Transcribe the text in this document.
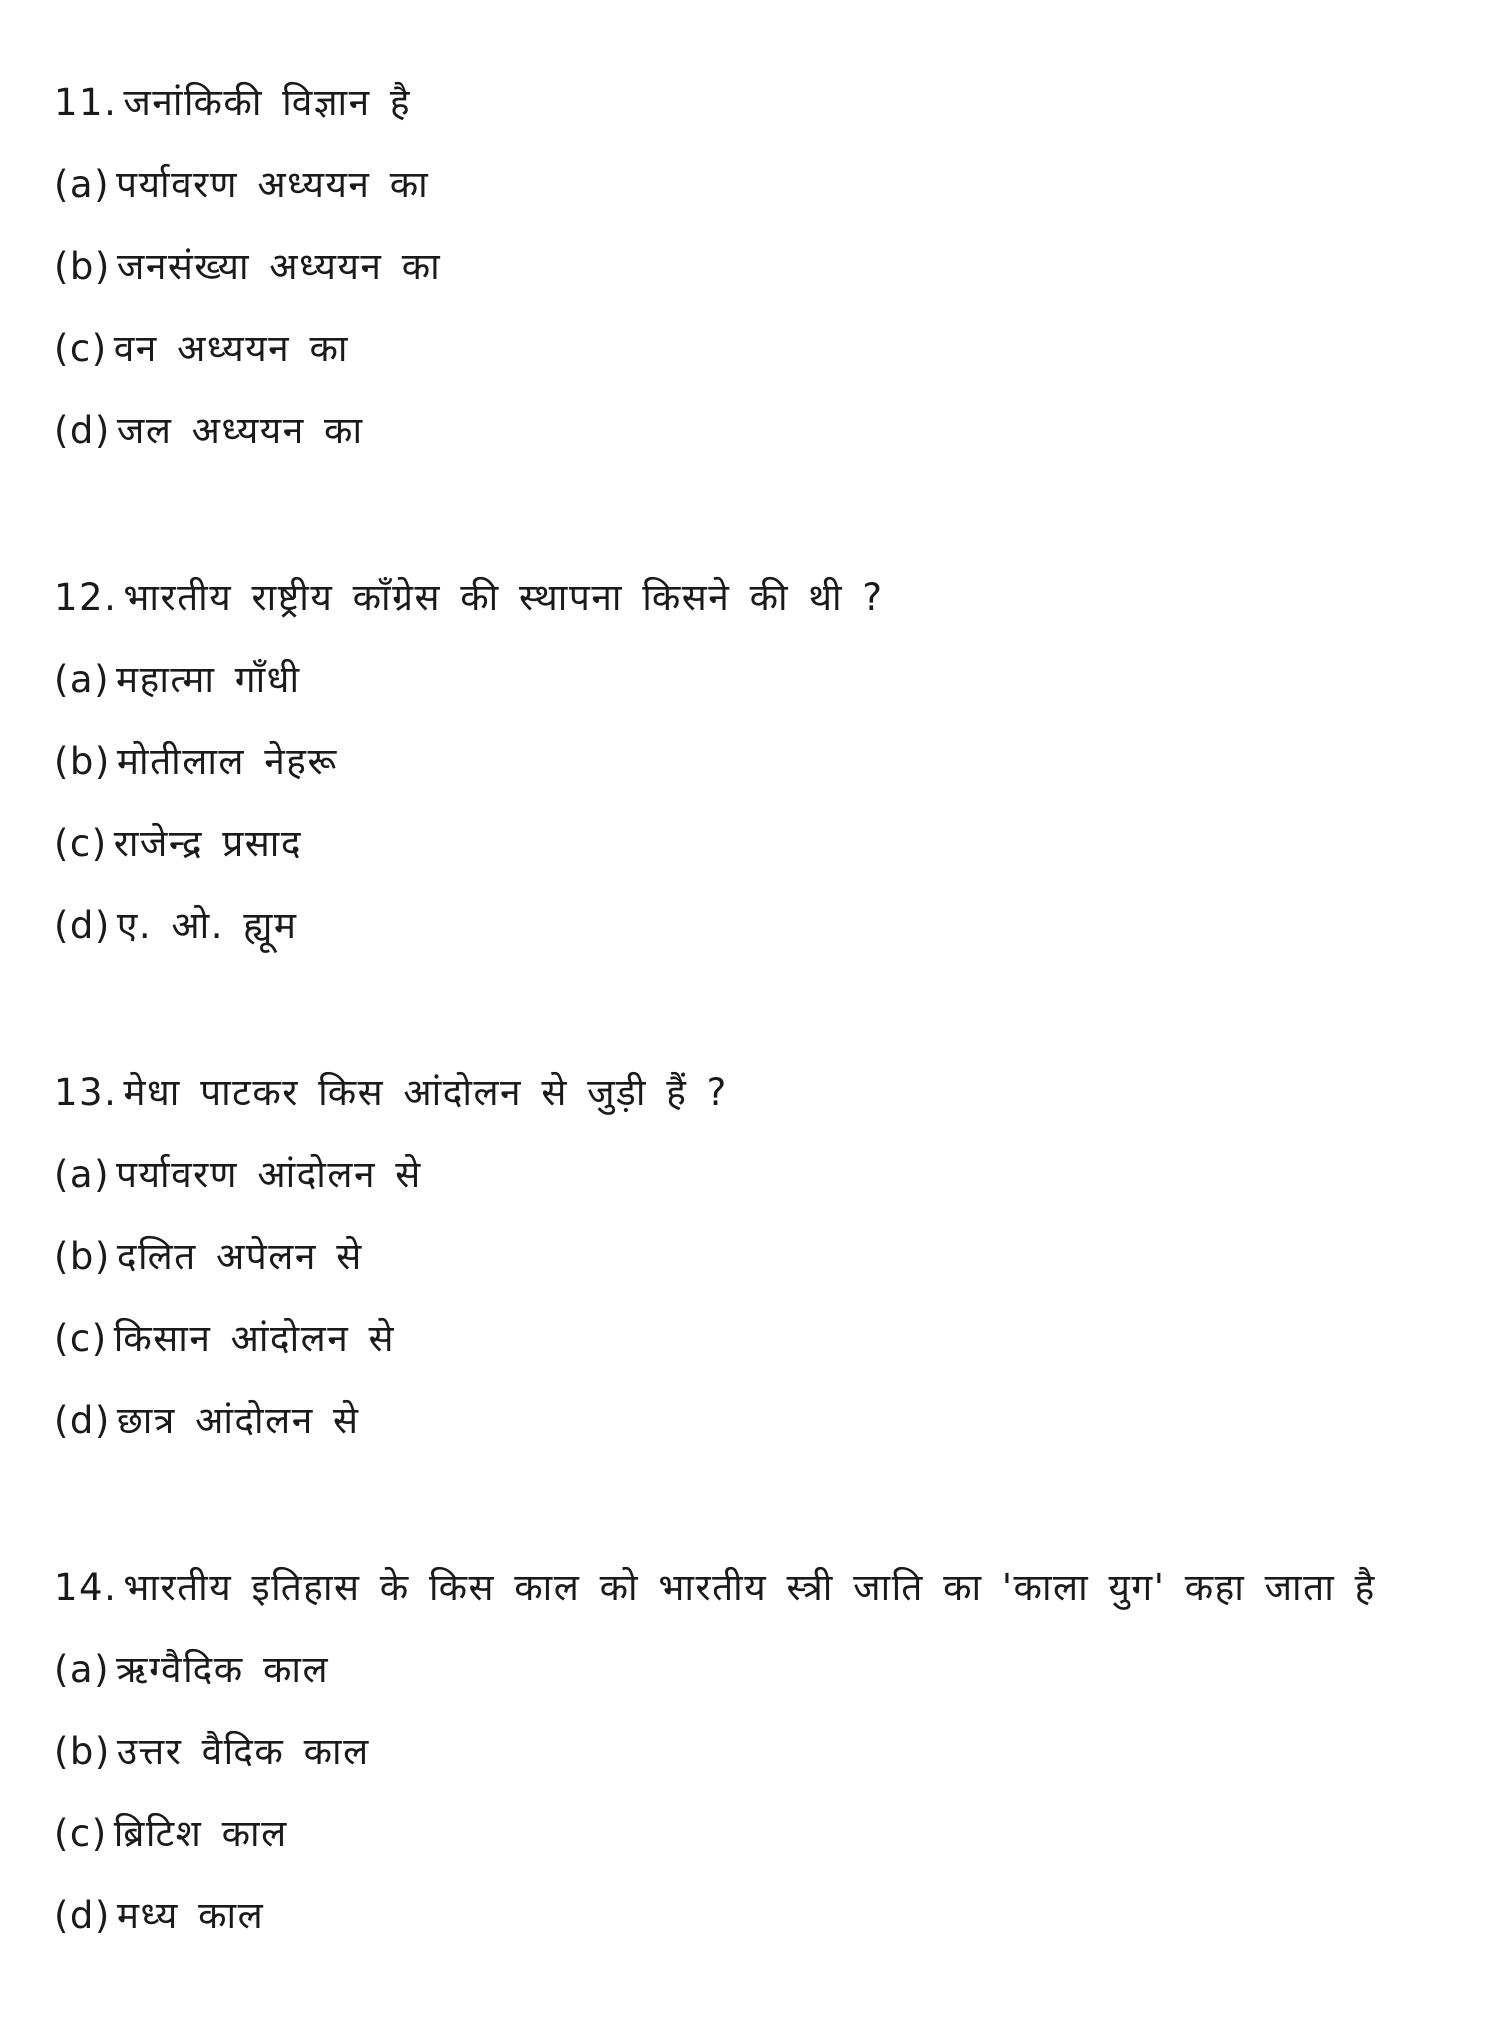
11. जनांकिकी विज्ञान है
(a) पर्यावरण अध्ययन का
(b) जनसंख्या अध्ययन का
(c) वन अध्ययन का
(d) जल अध्ययन का
12. भारतीय राष्ट्रीय काँग्रेस की स्थापना किसने की थी ?
(a) महात्मा गाँधी
(b) मोतीलाल नेहरू
(c) राजेन्द्र प्रसाद
(d) ए. ओ. ह्यूम
13. मेधा पाटकर किस आंदोलन से जुड़ी हैं ?
(a) पर्यावरण आंदोलन से
(b) दलित अपेलन से
(c) किसान आंदोलन से
(d) छात्र आंदोलन से
14. भारतीय इतिहास के किस काल को भारतीय स्त्री जाति का 'काला युग' कहा जाता है
(a) ऋग्वैदिक काल
(b) उत्तर वैदिक काल
(c) ब्रिटिश काल
(d) मध्य काल
